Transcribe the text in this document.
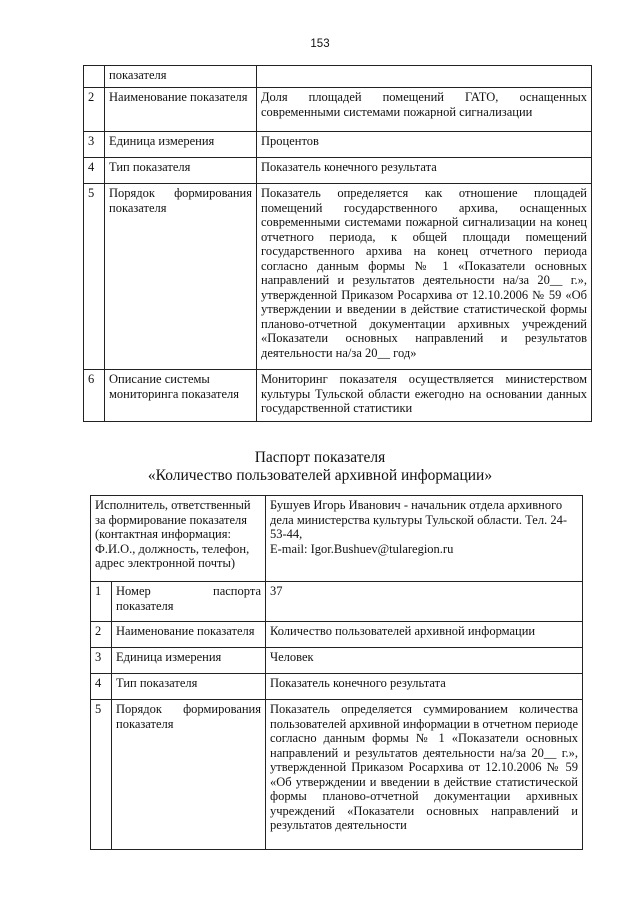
153
	показателя	
2	Наименование показателя	Доля площадей помещений ГАТО, оснащенных современными системами пожарной сигнализации
3	Единица измерения	Процентов
4	Тип показателя	Показатель конечного результата
5	Порядок формирования показателя	Показатель определяется как отношение площадей помещений государственного архива, оснащенных современными системами пожарной сигнализации на конец отчетного периода, к общей площади помещений государственного архива на конец отчетного периода согласно данным формы № 1 «Показатели основных направлений и результатов деятельности на/за 20__ г.», утвержденной Приказом Росархива от 12.10.2006 № 59 «Об утверждении и введении в действие статистической формы планово-отчетной документации архивных учреждений «Показатели основных направлений и результатов деятельности на/за 20__ год»
6	Описание системы мониторинга показателя	Мониторинг показателя осуществляется министерством культуры Тульской области ежегодно на основании данных государственной статистики
Паспорт показателя
«Количество пользователей архивной информации»
Исполнитель, ответственный за формирование показателя (контактная информация: Ф.И.О., должность, телефон, адрес электронной почты)		Бушуев Игорь Иванович - начальник отдела архивного дела министерства культуры Тульской области. Тел. 24-53-44,
E-mail: Igor.Bushuev@tularegion.ru

1	Номер паспорта показателя	37
2	Наименование показателя	Количество пользователей архивной информации
3	Единица измерения	Человек
4	Тип показателя	Показатель конечного результата
5	Порядок формирования показателя	Показатель определяется суммированием количества пользователей архивной информации в отчетном периоде согласно данным формы № 1 «Показатели основных направлений и результатов деятельности на/за 20__ г.», утвержденной Приказом Росархива от 12.10.2006 № 59 «Об утверждении и введении в действие статистической формы планово-отчетной документации архивных учреждений «Показатели основных направлений и результатов деятельности
